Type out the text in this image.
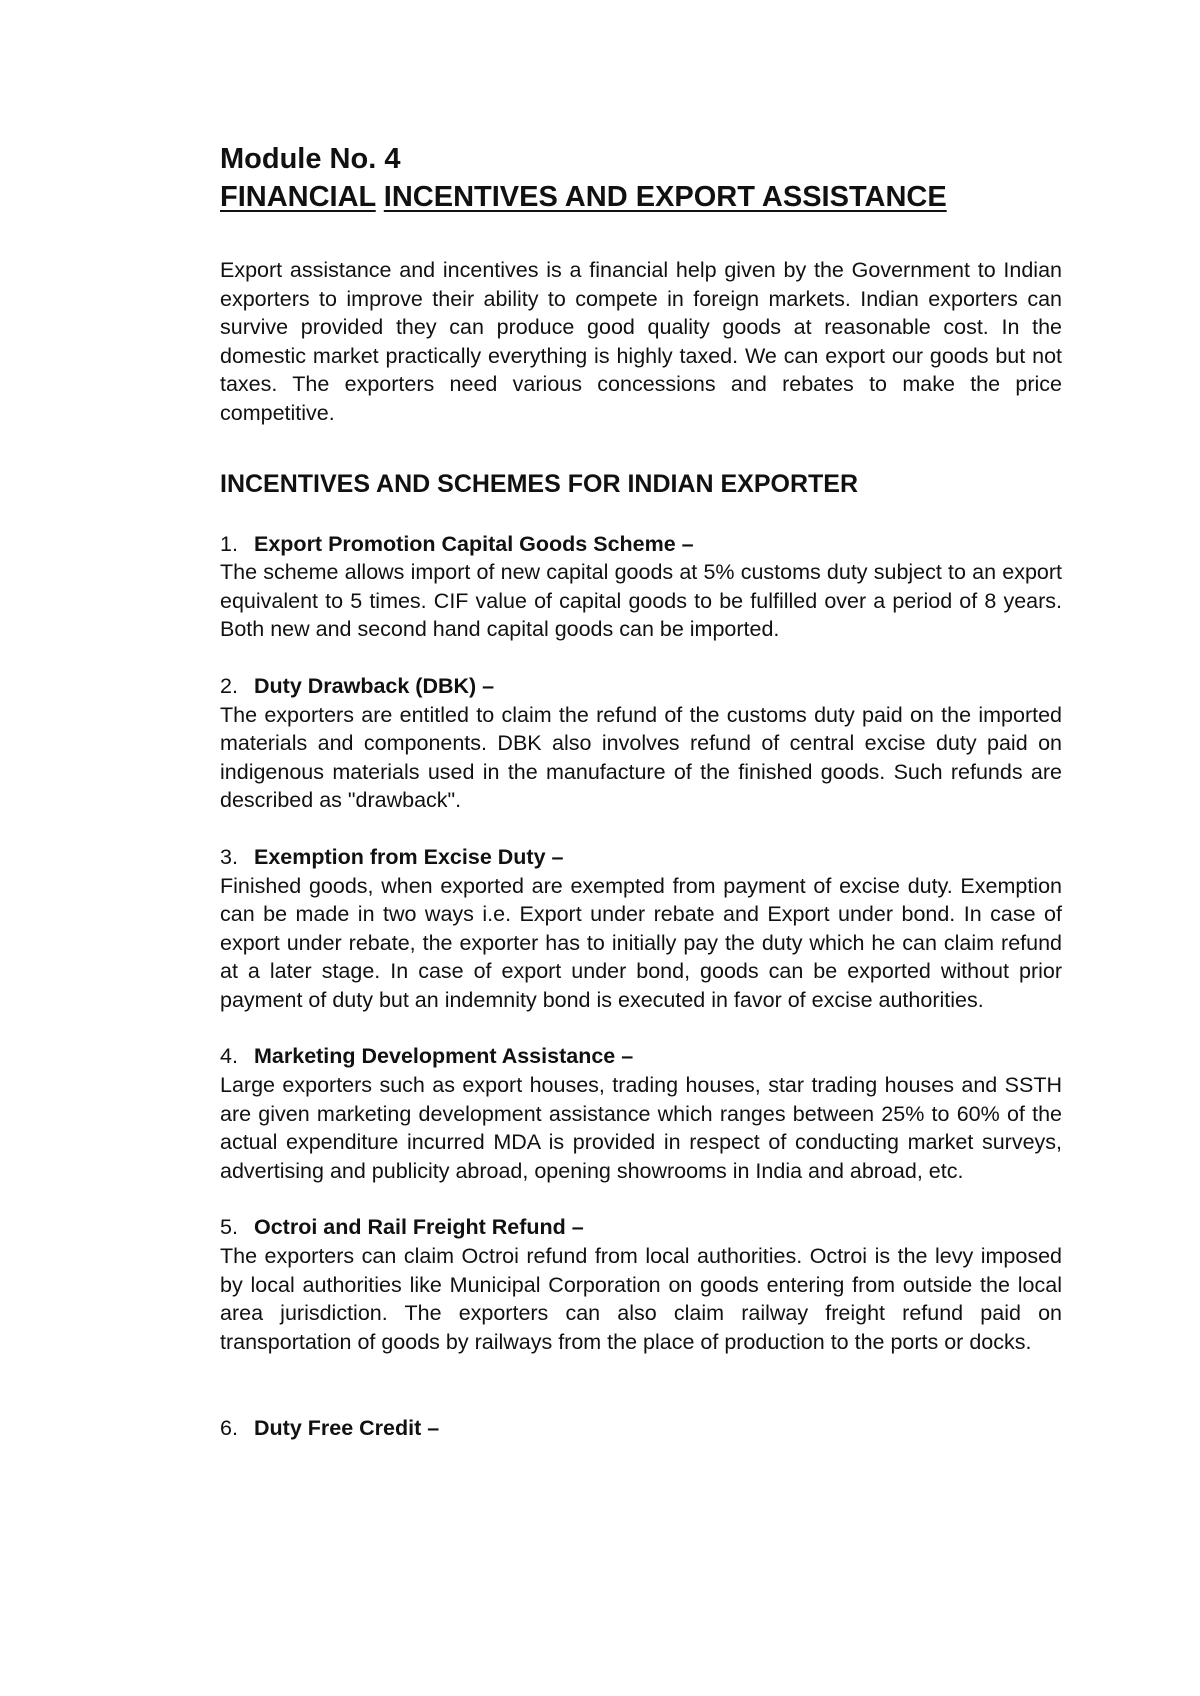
Module No. 4
FINANCIAL INCENTIVES AND EXPORT ASSISTANCE

Export assistance and incentives is a financial help given by the Government to Indian exporters to improve their ability to compete in foreign markets. Indian exporters can survive provided they can produce good quality goods at reasonable cost. In the domestic market practically everything is highly taxed. We can export our goods but not taxes. The exporters need various concessions and rebates to make the price competitive.

INCENTIVES AND SCHEMES FOR INDIAN EXPORTER
1. Export Promotion Capital Goods Scheme –

The scheme allows import of new capital goods at 5% customs duty subject to an export equivalent to 5 times. CIF value of capital goods to be fulfilled over a period of 8 years. Both new and second hand capital goods can be imported.

2. Duty Drawback (DBK) –

The exporters are entitled to claim the refund of the customs duty paid on the imported materials and components. DBK also involves refund of central excise duty paid on indigenous materials used in the manufacture of the finished goods. Such refunds are described as "drawback".

3. Exemption from Excise Duty –

Finished goods, when exported are exempted from payment of excise duty. Exemption can be made in two ways i.e. Export under rebate and Export under bond. In case of export under rebate, the exporter has to initially pay the duty which he can claim refund at a later stage. In case of export under bond, goods can be exported without prior payment of duty but an indemnity bond is executed in favor of excise authorities.

4. Marketing Development Assistance –

Large exporters such as export houses, trading houses, star trading houses and SSTH are given marketing development assistance which ranges between 25% to 60% of the actual expenditure incurred MDA is provided in respect of conducting market surveys, advertising and publicity abroad, opening showrooms in India and abroad, etc.

5. Octroi and Rail Freight Refund –

The exporters can claim Octroi refund from local authorities. Octroi is the levy imposed by local authorities like Municipal Corporation on goods entering from outside the local area jurisdiction. The exporters can also claim railway freight refund paid on transportation of goods by railways from the place of production to the ports or docks.

6. Duty Free Credit –
